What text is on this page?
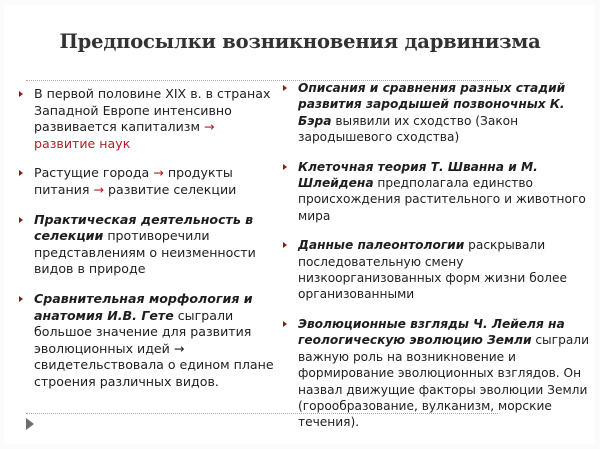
Предпосылки возникновения дарвинизма
В первой половине XIX в. в странах Западной Европе интенсивно развивается капитализм → развитие наук
Растущие города → продукты питания → развитие селекции
Практическая деятельность в селекции противоречили представлениям о неизменности видов в природе
Сравнительная морфология и анатомия И.В. Гете сыграли большое значение для развития эволюционных идей → свидетельствовала о едином плане строения различных видов.
Описания и сравнения разных стадий развития зародышей позвоночных К. Бэра выявили их сходство (Закон зародышевого сходства)
Клеточная теория Т. Шванна и М. Шлейдена предполагала единство происхождения растительного и животного мира
Данные палеонтологии раскрывали последовательную смену низкоорганизованных форм жизни более организованными
Эволюционные взгляды Ч. Лейеля на геологическую эволюцию Земли сыграли важную роль на возникновение и формирование эволюционных взглядов. Он назвал движущие факторы эволюции Земли (горообразование, вулканизм, морские течения).
